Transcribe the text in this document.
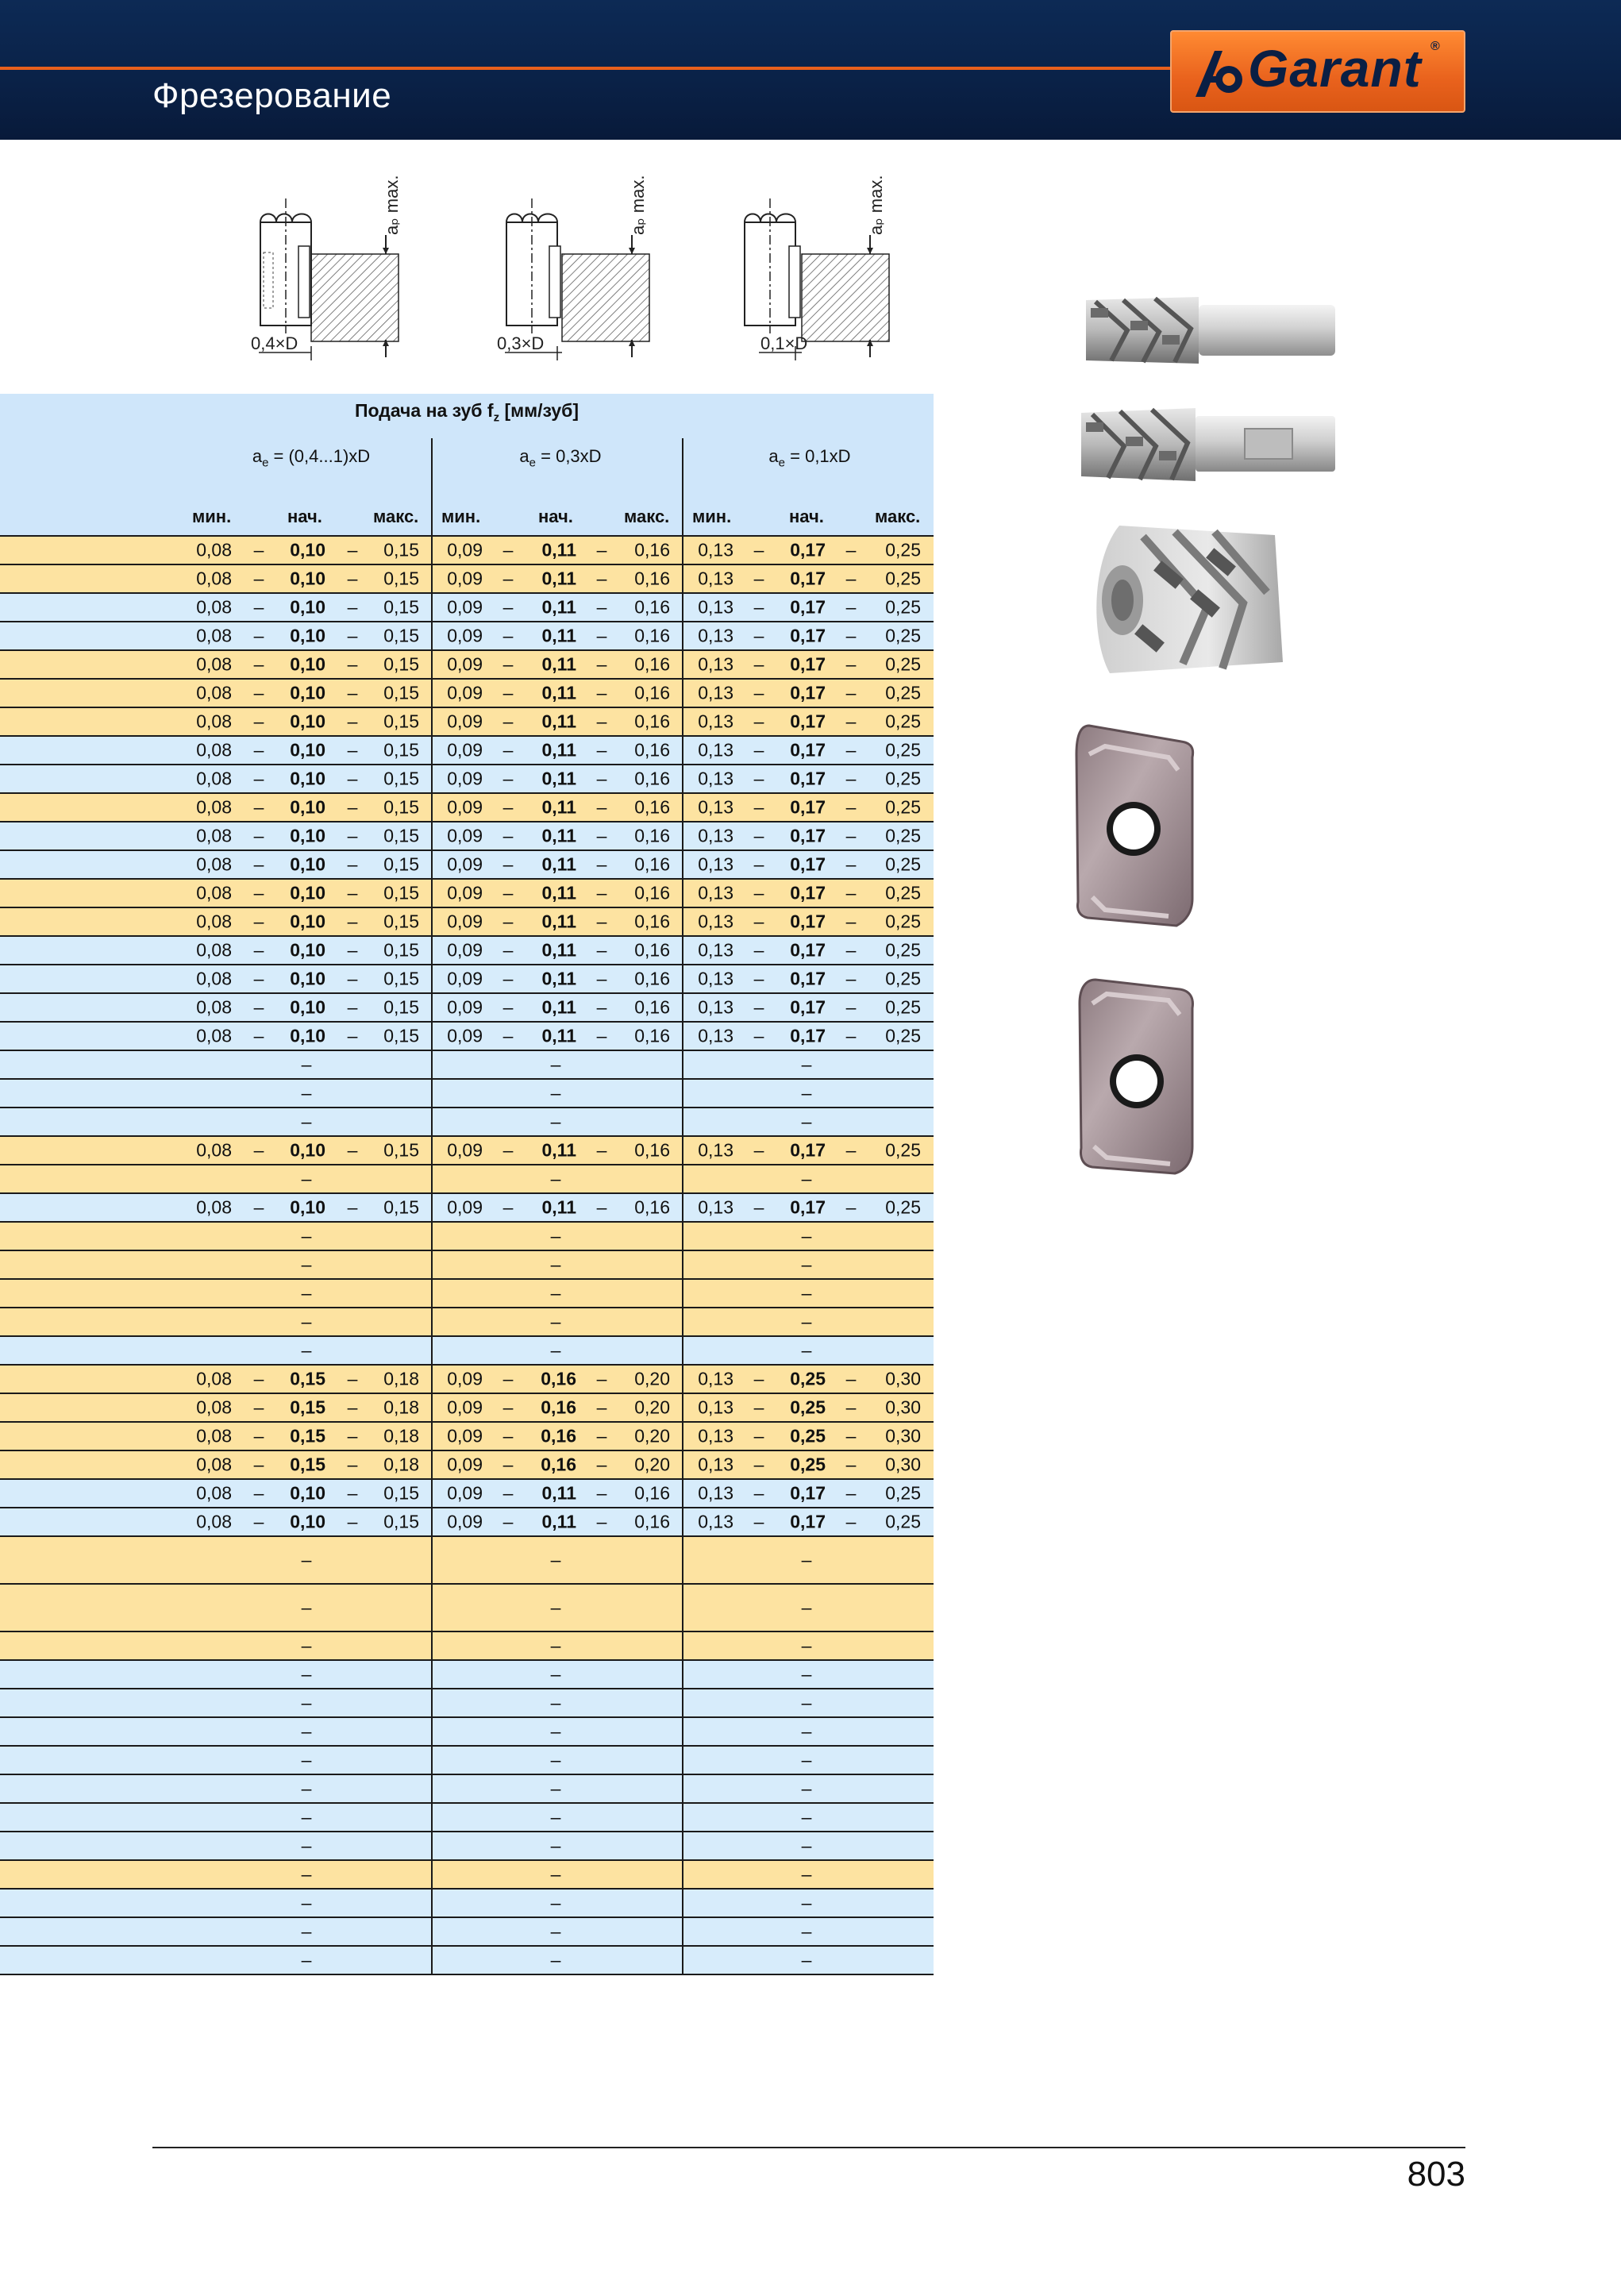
Фрезерование	Garant ®
aₚ max.
0,4×D
aₚ max.
0,3×D
aₚ max.
0,1×D
Подача на зуб $f_z$ [мм/зуб]
$a_e = (0,4...1)xD$	$a_e = 0,3xD$	$a_e = 0,1xD$
мин.	нач.	макс. мин.	нач.	макс. мин.	нач.	макс.
0,08 –	0,10 –	0,15	0,09 –	0,11 –	0,16	0,13 –	0,17 –	0,25
0,08 –	0,10 –	0,15	0,09 –	0,11 –	0,16	0,13 –	0,17 –	0,25
0,08 –	0,10 –	0,15	0,09 –	0,11 –	0,16	0,13 –	0,17 –	0,25
0,08 –	0,10 –	0,15	0,09 –	0,11 –	0,16	0,13 –	0,17 –	0,25
0,08 –	0,10 –	0,15	0,09 –	0,11 –	0,16	0,13 –	0,17 –	0,25
0,08 –	0,10 –	0,15	0,09 –	0,11 –	0,16	0,13 –	0,17 –	0,25
0,08 –	0,10 –	0,15	0,09 –	0,11 –	0,16	0,13 –	0,17 –	0,25
0,08 –	0,10 –	0,15	0,09 –	0,11 –	0,16	0,13 –	0,17 –	0,25
0,08 –	0,10 –	0,15	0,09 –	0,11 –	0,16	0,13 –	0,17 –	0,25
0,08 –	0,10 –	0,15	0,09 –	0,11 –	0,16	0,13 –	0,17 –	0,25
0,08 –	0,10 –	0,15	0,09 –	0,11 –	0,16	0,13 –	0,17 –	0,25
0,08 –	0,10 –	0,15	0,09 –	0,11 –	0,16	0,13 –	0,17 –	0,25
0,08 –	0,10 –	0,15	0,09 –	0,11 –	0,16	0,13 –	0,17 –	0,25
0,08 –	0,10 –	0,15	0,09 –	0,11 –	0,16	0,13 –	0,17 –	0,25
0,08 –	0,10 –	0,15	0,09 –	0,11 –	0,16	0,13 –	0,17 –	0,25
0,08 –	0,10 –	0,15	0,09 –	0,11 –	0,16	0,13 –	0,17 –	0,25
0,08 –	0,10 –	0,15	0,09 –	0,11 –	0,16	0,13 –	0,17 –	0,25
0,08 –	0,10 –	0,15	0,09 –	0,11 –	0,16	0,13 –	0,17 –	0,25
–	–	–
–	–	–
–	–	–
0,08 –	0,10 –	0,15	0,09 –	0,11 –	0,16	0,13 –	0,17 –	0,25
–	–	–
0,08 –	0,10 –	0,15	0,09 –	0,11 –	0,16	0,13 –	0,17 –	0,25
–	–	–
–	–	–
–	–	–
–	–	–
–	–	–
0,08 –	0,15 –	0,18	0,09 –	0,16 –	0,20	0,13 –	0,25 –	0,30
0,08 –	0,15 –	0,18	0,09 –	0,16 –	0,20	0,13 –	0,25 –	0,30
0,08 –	0,15 –	0,18	0,09 –	0,16 –	0,20	0,13 –	0,25 –	0,30
0,08 –	0,15 –	0,18	0,09 –	0,16 –	0,20	0,13 –	0,25 –	0,30
0,08 –	0,10 –	0,15	0,09 –	0,11 –	0,16	0,13 –	0,17 –	0,25
0,08 –	0,10 –	0,15	0,09 –	0,11 –	0,16	0,13 –	0,17 –	0,25
–	–	–
–	–	–
–	–	–
–	–	–
–	–	–
–	–	–
–	–	–
–	–	–
–	–	–
–	–	–
–	–	–
–	–	–
–	–	–
–	–	–
803
